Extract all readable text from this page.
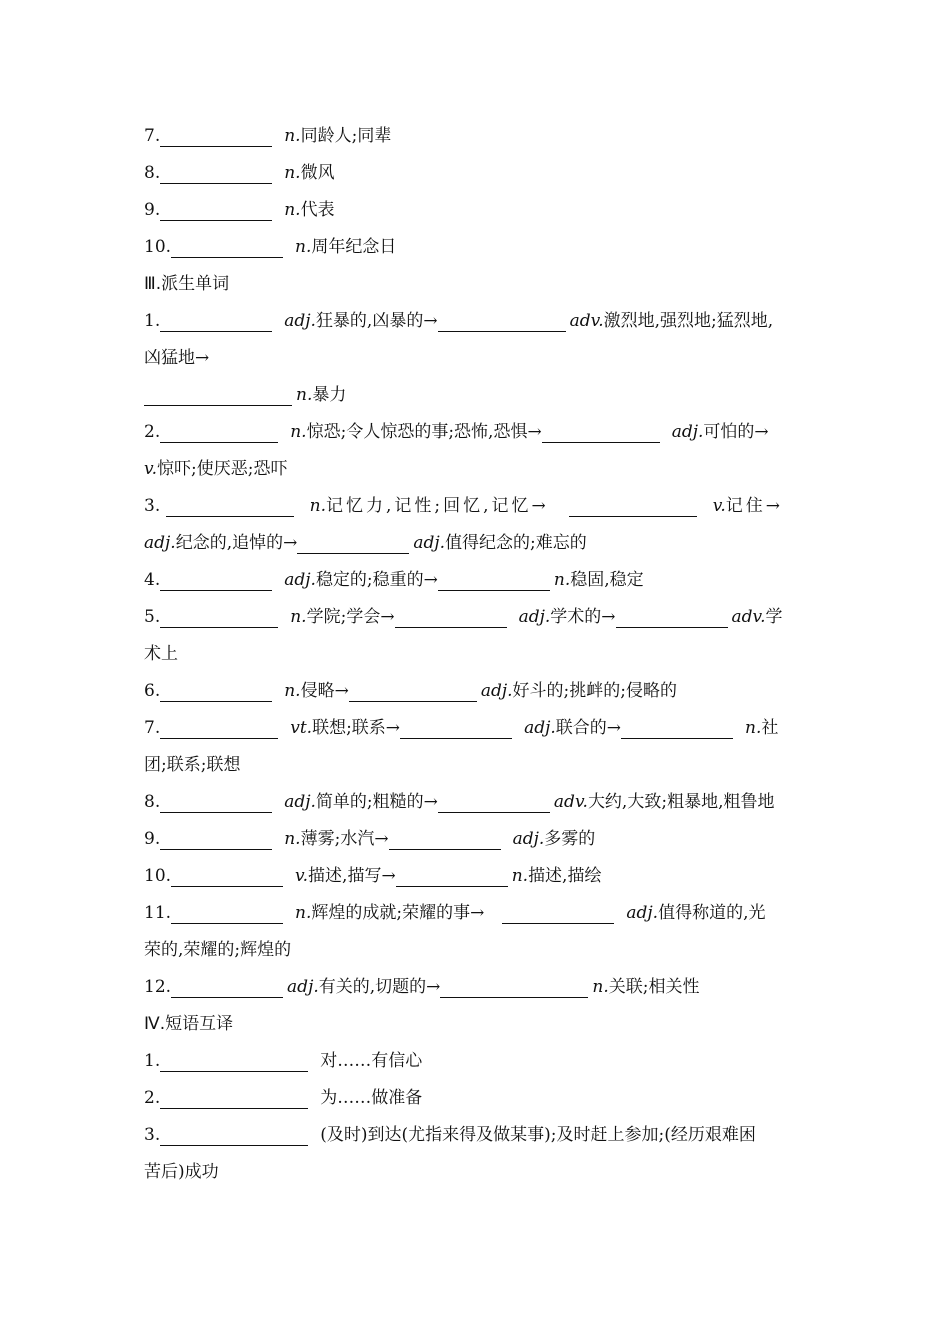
7.	n.同龄人;同辈
8.	n.微风
9.	n.代表
10.	n.周年纪念日
Ⅲ.派生单词
1.	adj.狂暴的,凶暴的→	adv.激烈地,强烈地;猛烈地,
凶猛地→
n.暴力
2.	n.惊恐;令人惊恐的事;恐怖,恐惧→	adj.可怕的→
v.惊吓;使厌恶;恐吓
3.	n.记忆力,记性;回忆,记忆→	v.记住→
adj.纪念的,追悼的→	adj.值得纪念的;难忘的
4.	adj.稳定的;稳重的→	n.稳固,稳定
5.	n.学院;学会→	adj.学术的→	adv.学
术上
6.	n.侵略→	adj.好斗的;挑衅的;侵略的
7.	vt.联想;联系→	adj.联合的→	n.社
团;联系;联想
8.	adj.简单的;粗糙的→	adv.大约,大致;粗暴地,粗鲁地
9.	n.薄雾;水汽→	adj.多雾的
10.	v.描述,描写→	n.描述,描绘
11.	n.辉煌的成就;荣耀的事→	adj.值得称道的,光
荣的,荣耀的;辉煌的
12.	adj.有关的,切题的→	n.关联;相关性
Ⅳ.短语互译
1.	对……有信心
2.	为……做准备
3.	(及时)到达(尤指来得及做某事);及时赶上参加;(经历艰难困
苦后)成功
